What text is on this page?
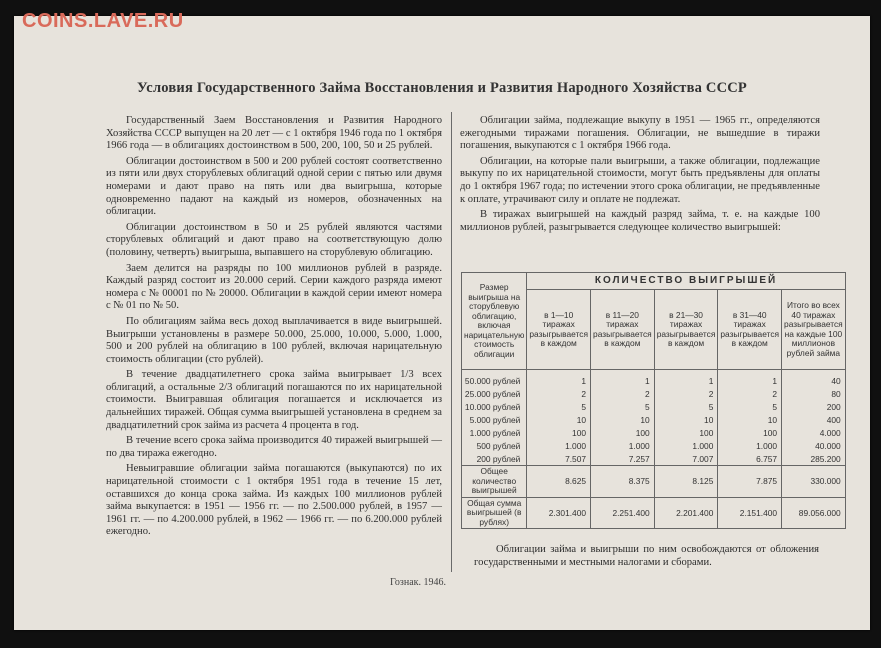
COINS.LAVE.RU
Условия Государственного Займа Восстановления и Развития Народного Хозяйства СССР

Государственный Заем Восстановления и Развития Народного Хозяйства СССР выпущен на 20 лет — с 1 октября 1946 года по 1 октября 1966 года — в облигациях достоинством в 500, 200, 100, 50 и 25 рублей.

Облигации достоинством в 500 и 200 рублей состоят соответственно из пяти или двух сторублевых облигаций одной серии с пятью или двумя номерами и дают право на пять или два выигрыша, которые одновременно падают на каждый из номеров, обозначенных на облигации.

Облигации достоинством в 50 и 25 рублей являются частями сторублевых облигаций и дают право на соответствующую долю (половину, четверть) выигрыша, выпавшего на сторублевую облигацию.

Заем делится на разряды по 100 миллионов рублей в разряде. Каждый разряд состоит из 20.000 серий. Серии каждого разряда имеют номера с № 00001 по № 20000. Облигации в каждой серии имеют номера с № 01 по № 50.

По облигациям займа весь доход выплачивается в виде выигрышей. Выигрыши установлены в размере 50.000, 25.000, 10.000, 5.000, 1.000, 500 и 200 рублей на облигацию в 100 рублей, включая нарицательную стоимость облигации (сто рублей).

В течение двадцатилетнего срока займа выигрывает 1/3 всех облигаций, а остальные 2/3 облигаций погашаются по их нарицательной стоимости. Выигравшая облигация погашается и исключается из дальнейших тиражей. Общая сумма выигрышей установлена в среднем за двадцатилетний срок займа из расчета 4 процента в год.

В течение всего срока займа производится 40 тиражей выигрышей — по два тиража ежегодно.

Невыигравшие облигации займа погашаются (выкупаются) по их нарицательной стоимости с 1 октября 1951 года в течение 15 лет, оставшихся до конца срока займа. Из каждых 100 миллионов рублей займа выкупается: в 1951 — 1956 гг. — по 2.500.000 рублей, в 1957 — 1961 гг. — по 4.200.000 рублей, в 1962 — 1966 гг. — по 6.200.000 рублей ежегодно.

Облигации займа, подлежащие выкупу в 1951 — 1965 гг., определяются ежегодными тиражами погашения. Облигации, не вышедшие в тиражи погашения, выкупаются с 1 октября 1966 года.

Облигации, на которые пали выигрыши, а также облигации, подлежащие выкупу по их нарицательной стоимости, могут быть предъявлены для оплаты до 1 октября 1967 года; по истечении этого срока облигации, не предъявленные к оплате, утрачивают силу и оплате не подлежат.

В тиражах выигрышей на каждый разряд займа, т. е. на каждые 100 миллионов рублей, разыгрывается следующее количество выигрышей:

Размер выигрыша на сторублевую облигацию, включая нарицательную стоимость облигации	КОЛИЧЕСТВО ВЫИГРЫШЕЙ				
	в 1—10 тиражах разыгрывается в каждом	в 11—20 тиражах разыгрывается в каждом	в 21—30 тиражах разыгрывается в каждом	в 31—40 тиражах разыгрывается в каждом	Итого во всех 40 тиражах разыгрывается на каждые 100 миллионов рублей займа
50.000 рублей	1	1	1	1	40
25.000 рублей	2	2	2	2	80
10.000 рублей	5	5	5	5	200
5.000 рублей	10	10	10	10	400
1.000 рублей	100	100	100	100	4.000
500 рублей	1.000	1.000	1.000	1.000	40.000
200 рублей	7.507	7.257	7.007	6.757	285.200
Общее количество выигрышей	8.625	8.375	8.125	7.875	330.000
Общая сумма выигрышей (в рублях)	2.301.400	2.251.400	2.201.400	2.151.400	89.056.000
Облигации займа и выигрыши по ним освобождаются от обложения государственными и местными налогами и сборами.
Гознак. 1946.
